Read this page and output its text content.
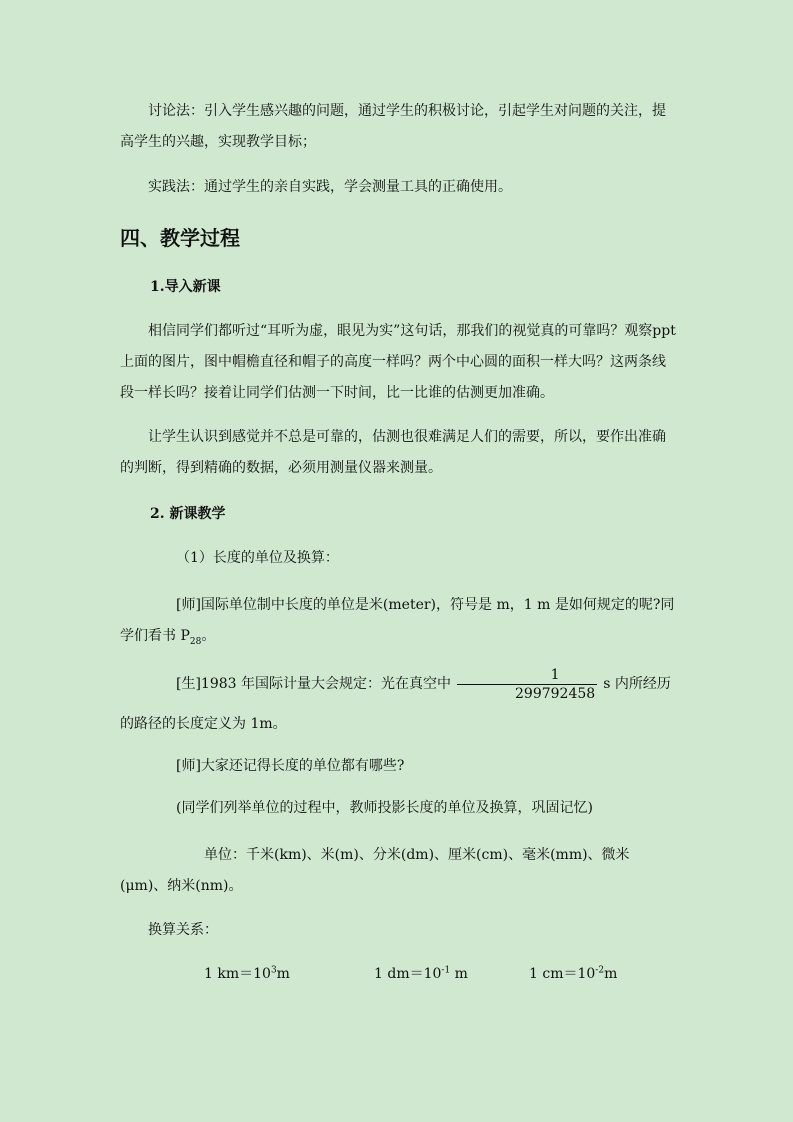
讨论法：引入学生感兴趣的问题，通过学生的积极讨论，引起学生对问题的关注，提高学生的兴趣，实现教学目标；

实践法：通过学生的亲自实践，学会测量工具的正确使用。

四、教学过程
1.导入新课

相信同学们都听过“耳听为虚，眼见为实”这句话，那我们的视觉真的可靠吗？观察ppt上面的图片，图中帽檐直径和帽子的高度一样吗？两个中心圆的面积一样大吗？这两条线段一样长吗？接着让同学们估测一下时间，比一比谁的估测更加准确。

让学生认识到感觉并不总是可靠的，估测也很难满足人们的需要，所以，要作出准确的判断，得到精确的数据，必须用测量仪器来测量。

2. 新课教学

（1）长度的单位及换算：

[师]国际单位制中长度的单位是米(meter)，符号是 m，1 m 是如何规定的呢?同学们看书 $P_{28}$。

[生]1983 年国际计量大会规定：光在真空中 $\frac{1}{299792458}$ s 内所经历的路径的长度定义为 1m。

[师]大家还记得长度的单位都有哪些?

(同学们列举单位的过程中，教师投影长度的单位及换算，巩固记忆)

单位：千米(km)、米(m)、分米(dm)、厘米(cm)、毫米(mm)、微米(μm)、纳米(nm)。

换算关系：

1 $km=10^3m$	1 $dm=10^{-1}$ m	1 $cm=10^{-2}m$
